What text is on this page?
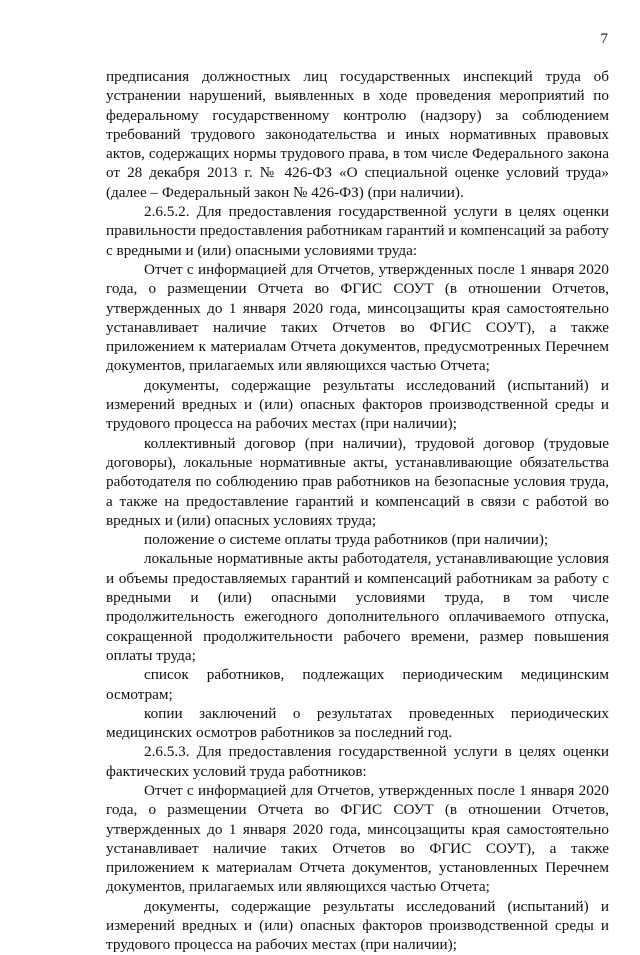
7

предписания должностных лиц государственных инспекций труда об устранении нарушений, выявленных в ходе проведения мероприятий по федеральному государственному контролю (надзору) за соблюдением требований трудового законодательства и иных нормативных правовых актов, содержащих нормы трудового права, в том числе Федерального закона от 28 декабря 2013 г. № 426-ФЗ «О специальной оценке условий труда» (далее – Федеральный закон № 426-ФЗ) (при наличии).

2.6.5.2. Для предоставления государственной услуги в целях оценки правильности предоставления работникам гарантий и компенсаций за работу с вредными и (или) опасными условиями труда:

Отчет с информацией для Отчетов, утвержденных после 1 января 2020 года, о размещении Отчета во ФГИС СОУТ (в отношении Отчетов, утвержденных до 1 января 2020 года, минсоцзащиты края самостоятельно устанавливает наличие таких Отчетов во ФГИС СОУТ), а также приложением к материалам Отчета документов, предусмотренных Перечнем документов, прилагаемых или являющихся частью Отчета;

документы, содержащие результаты исследований (испытаний) и измерений вредных и (или) опасных факторов производственной среды и трудового процесса на рабочих местах (при наличии);

коллективный договор (при наличии), трудовой договор (трудовые договоры), локальные нормативные акты, устанавливающие обязательства работодателя по соблюдению прав работников на безопасные условия труда, а также на предоставление гарантий и компенсаций в связи с работой во вредных и (или) опасных условиях труда;

положение о системе оплаты труда работников (при наличии);

локальные нормативные акты работодателя, устанавливающие условия и объемы предоставляемых гарантий и компенсаций работникам за работу с вредными и (или) опасными условиями труда, в том числе продолжительность ежегодного дополнительного оплачиваемого отпуска, сокращенной продолжительности рабочего времени, размер повышения оплаты труда;

список работников, подлежащих периодическим медицинским осмотрам;

копии заключений о результатах проведенных периодических медицинских осмотров работников за последний год.

2.6.5.3. Для предоставления государственной услуги в целях оценки фактических условий труда работников:

Отчет с информацией для Отчетов, утвержденных после 1 января 2020 года, о размещении Отчета во ФГИС СОУТ (в отношении Отчетов, утвержденных до 1 января 2020 года, минсоцзащиты края самостоятельно устанавливает наличие таких Отчетов во ФГИС СОУТ), а также приложением к материалам Отчета документов, установленных Перечнем документов, прилагаемых или являющихся частью Отчета;

документы, содержащие результаты исследований (испытаний) и измерений вредных и (или) опасных факторов производственной среды и трудового процесса на рабочих местах (при наличии);
